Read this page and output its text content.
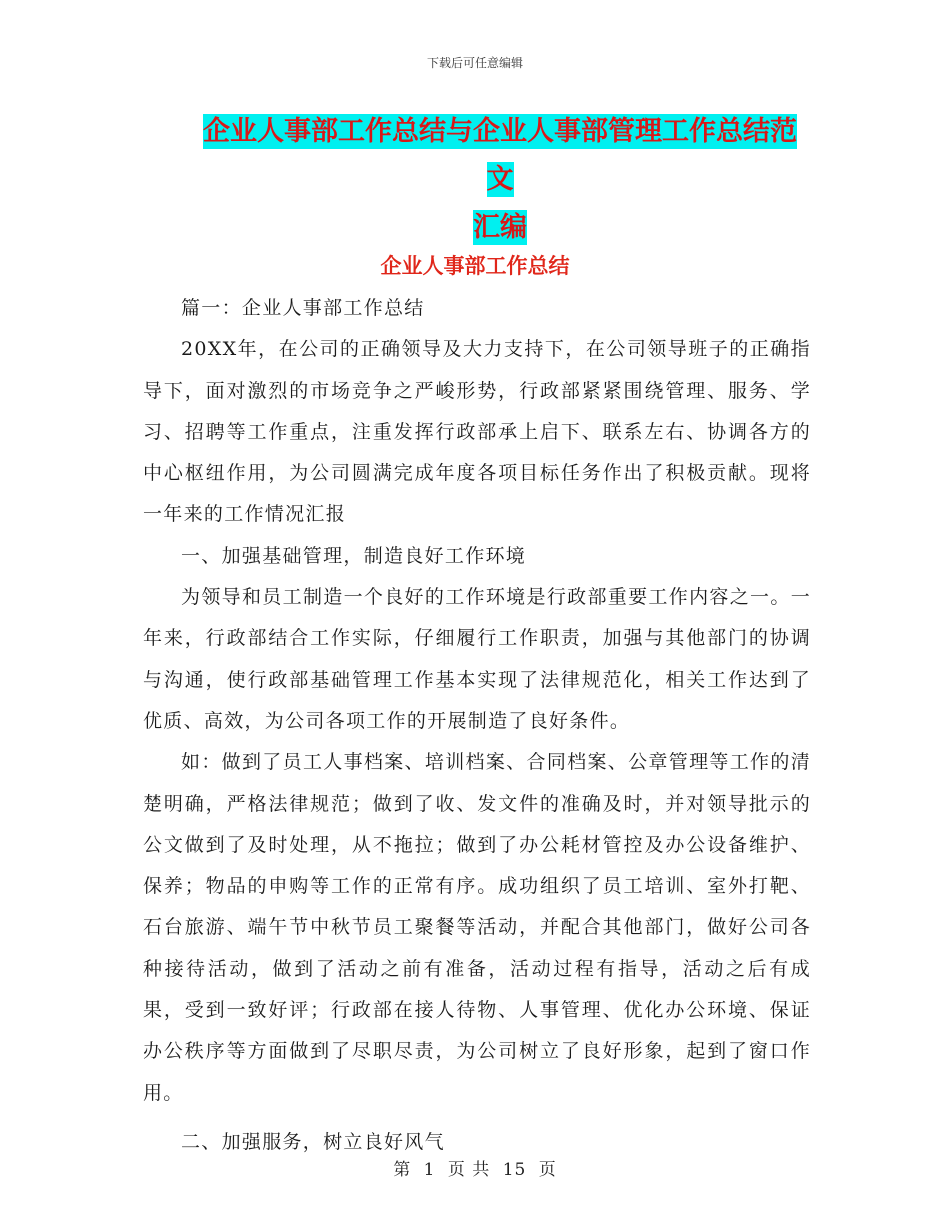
下载后可任意编辑
企业人事部工作总结与企业人事部管理工作总结范文
汇编
企业人事部工作总结

篇一：企业人事部工作总结

20XX年，在公司的正确领导及大力支持下，在公司领导班子的正确指导下，面对激烈的市场竞争之严峻形势，行政部紧紧围绕管理、服务、学习、招聘等工作重点，注重发挥行政部承上启下、联系左右、协调各方的中心枢纽作用，为公司圆满完成年度各项目标任务作出了积极贡献。现将一年来的工作情况汇报

一、加强基础管理，制造良好工作环境

为领导和员工制造一个良好的工作环境是行政部重要工作内容之一。一年来，行政部结合工作实际，仔细履行工作职责，加强与其他部门的协调与沟通，使行政部基础管理工作基本实现了法律规范化，相关工作达到了优质、高效，为公司各项工作的开展制造了良好条件。

如：做到了员工人事档案、培训档案、合同档案、公章管理等工作的清楚明确，严格法律规范；做到了收、发文件的准确及时，并对领导批示的公文做到了及时处理，从不拖拉；做到了办公耗材管控及办公设备维护、保养；物品的申购等工作的正常有序。成功组织了员工培训、室外打靶、石台旅游、端午节中秋节员工聚餐等活动，并配合其他部门，做好公司各种接待活动，做到了活动之前有准备，活动过程有指导，活动之后有成果，受到一致好评；行政部在接人待物、人事管理、优化办公环境、保证办公秩序等方面做到了尽职尽责，为公司树立了良好形象，起到了窗口作用。

二、加强服务，树立良好风气

第 1 页 共 15 页
